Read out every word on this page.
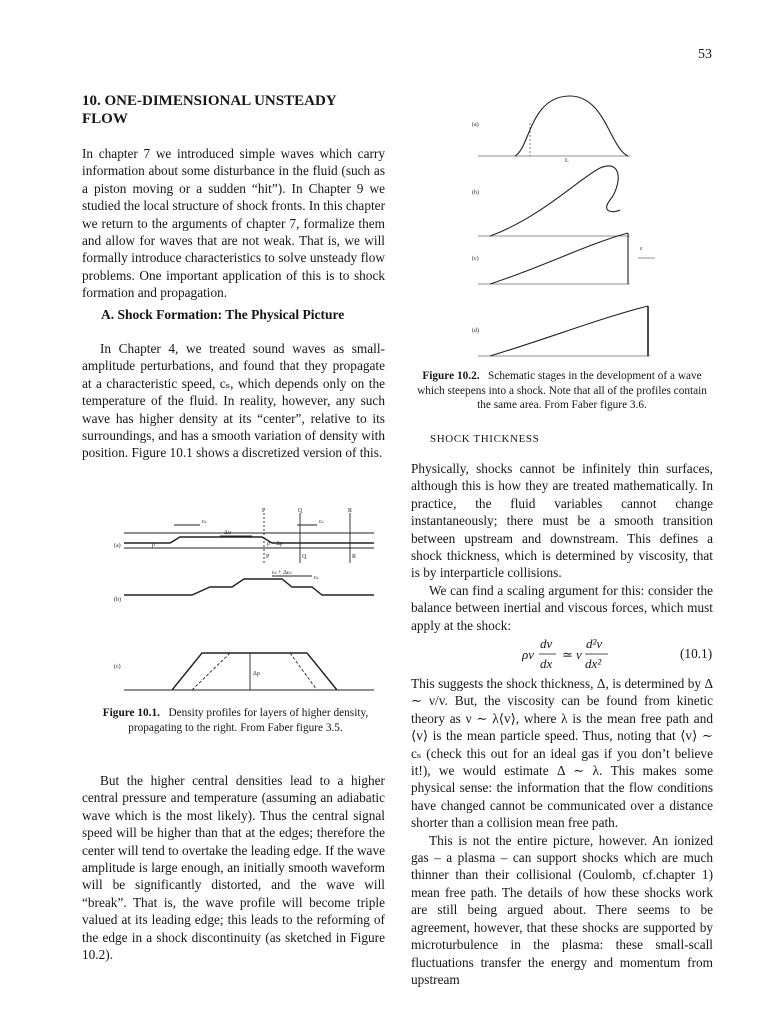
53
10. ONE-DIMENSIONAL UNSTEADY FLOW

In chapter 7 we introduced simple waves which carry information about some disturbance in the fluid (such as a piston moving or a sudden “hit”). In Chapter 9 we studied the local structure of shock fronts. In this chapter we return to the arguments of chapter 7, formalize them and allow for waves that are not weak. That is, we will formally introduce characteristics to solve unsteady flow problems. One important application of this is to shock formation and propagation.

A. Shock Formation: The Physical Picture

In Chapter 4, we treated sound waves as small-amplitude perturbations, and found that they propagate at a characteristic speed, cₛ, which depends only on the temperature of the fluid. In reality, however, any such wave has higher density at its “center”, relative to its surroundings, and has a smooth variation of density with position. Figure 10.1 shows a discretized version of this.

(a)
(b)
(c)
P	Q	R
P	Q	R
ρ	ρ + Δρ
cₛ	cₛ
Δu
cₛ + Δcₛ
cₛ
Δρ
Figure 10.1. Density profiles for layers of higher density, propagating to the right. From Faber figure 3.5.

But the higher central densities lead to a higher central pressure and temperature (assuming an adiabatic wave which is the most likely). Thus the central signal speed will be higher than that at the edges; therefore the center will tend to overtake the leading edge. If the wave amplitude is large enough, an initially smooth waveform will be significantly distorted, and the wave will “break”. That is, the wave profile will become triple valued at its leading edge; this leads to the reforming of the edge in a shock discontinuity (as sketched in Figure 10.2).

(a)
(b)
(c)
(d)
L
c
Figure 10.2. Schematic stages in the development of a wave which steepens into a shock. Note that all of the profiles contain the same area. From Faber figure 3.6.
SHOCK THICKNESS

Physically, shocks cannot be infinitely thin surfaces, although this is how they are treated mathematically. In practice, the fluid variables cannot change instantaneously; there must be a smooth transition between upstream and downstream. This defines a shock thickness, which is determined by viscosity, that is by interparticle collisions.

We can find a scaling argument for this: consider the balance between inertial and viscous forces, which must apply at the shock:

ρv
dv
dx
≃ ν
d²v
dx²
(10.1)

This suggests the shock thickness, Δ, is determined by Δ ∼ ν/v. But, the viscosity can be found from kinetic theory as ν ∼ λ⟨v⟩, where λ is the mean free path and ⟨v⟩ is the mean particle speed. Thus, noting that ⟨v⟩ ∼ cₛ (check this out for an ideal gas if you don’t believe it!), we would estimate Δ ∼ λ. This makes some physical sense: the information that the flow conditions have changed cannot be communicated over a distance shorter than a collision mean free path.

This is not the entire picture, however. An ionized gas – a plasma – can support shocks which are much thinner than their collisional (Coulomb, cf.chapter 1) mean free path. The details of how these shocks work are still being argued about. There seems to be agreement, however, that these shocks are supported by microturbulence in the plasma: these small-scall fluctuations transfer the energy and momentum from upstream
